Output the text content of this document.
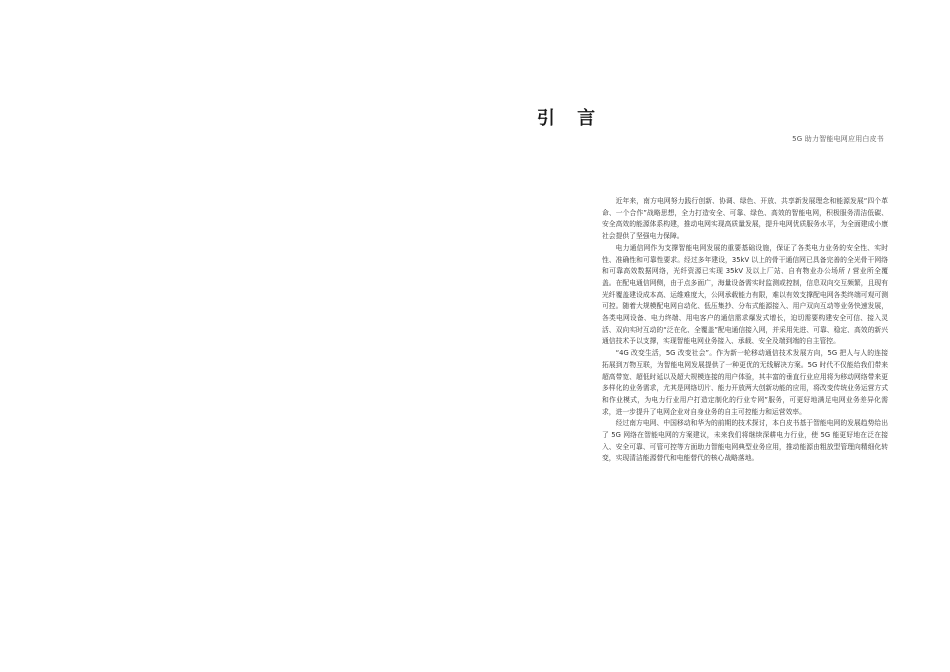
引 言
5G 助力智能电网应用白皮书

近年来，南方电网努力践行创新、协调、绿色、开放、共享新发展理念和能源发展“四个革命、一个合作”战略思想，全力打造安全、可靠、绿色、高效的智能电网，积极服务清洁低碳、安全高效的能源体系构建，推动电网实现高质量发展，提升电网优质服务水平，为全面建成小康社会提供了坚强电力保障。

电力通信网作为支撑智能电网发展的重要基础设施，保证了各类电力业务的安全性、实时性、准确性和可靠性要求。经过多年建设，35kV 以上的骨干通信网已具备完善的全光骨干网络和可靠高效数据网络，光纤资源已实现 35kV 及以上厂站、自有物业办公场所 / 营业所全覆盖。在配电通信网侧，由于点多面广，海量设备需实时监测或控制，信息双向交互频繁，且现有光纤覆盖建设成本高、运维难度大，公网承载能力有限，难以有效支撑配电网各类终端可观可测可控。随着大规模配电网自动化、低压集抄、分布式能源接入、用户双向互动等业务快速发展，各类电网设备、电力终端、用电客户的通信需求爆发式增长，迫切需要构建安全可信、接入灵活、双向实时互动的“泛在化、全覆盖”配电通信接入网，并采用先进、可靠、稳定、高效的新兴通信技术予以支撑，实现智能电网业务接入、承载、安全及端到端的自主管控。

“4G 改变生活，5G 改变社会”。作为新一轮移动通信技术发展方向，5G 把人与人的连接拓展到万物互联，为智能电网发展提供了一种更优的无线解决方案。5G 时代不仅能给我们带来超高带宽、超低时延以及超大规模连接的用户体验，其丰富的垂直行业应用将为移动网络带来更多样化的业务需求，尤其是网络切片、能力开放两大创新功能的应用，将改变传统业务运营方式和作业模式，为电力行业用户打造定制化的行业专网”服务，可更好地满足电网业务差异化需求，进一步提升了电网企业对自身业务的自主可控能力和运营效率。

经过南方电网、中国移动和华为的前期的技术探讨，本白皮书基于智能电网的发展趋势给出了 5G 网络在智能电网的方案建议，未来我们将继续深耕电力行业，使 5G 能更好地在泛在接入、安全可靠、可管可控等方面助力智能电网典型业务应用，推动能源由粗放型管理向精细化转变，实现清洁能源替代和电能替代的核心战略落地。
